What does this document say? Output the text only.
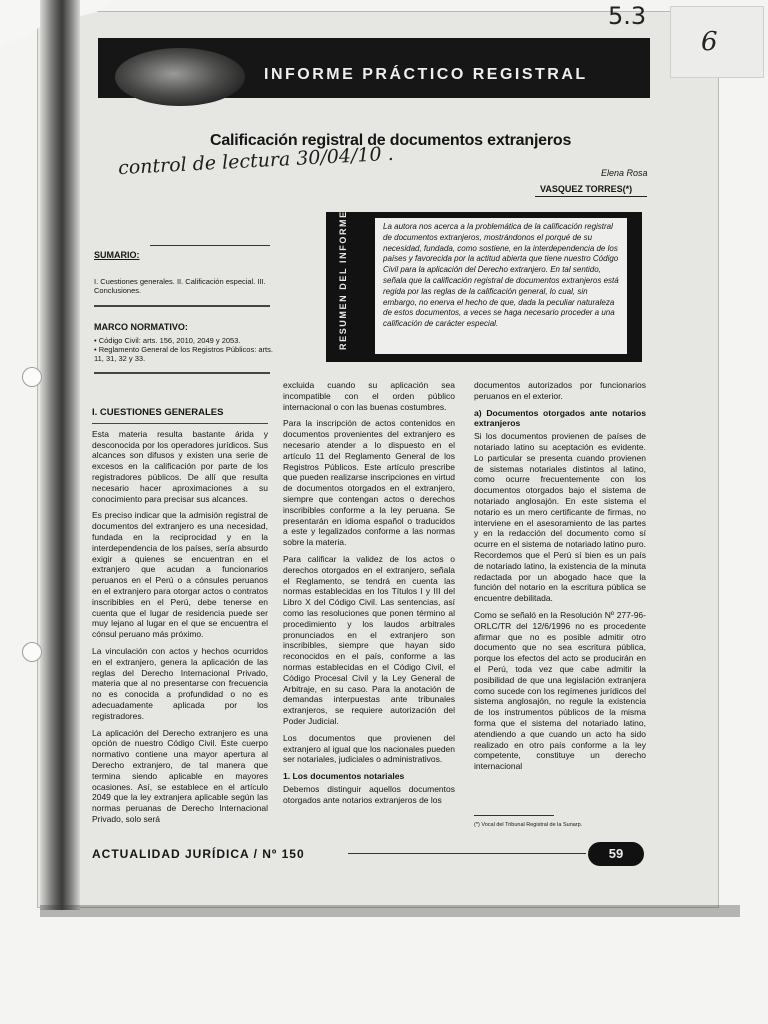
5.3
6
INFORME PRÁCTICO REGISTRAL
Calificación registral de documentos extranjeros
control de lectura 30/04/10 .	Elena Rosa
VASQUEZ TORRES(*)
RESUMEN DEL INFORME	La autora nos acerca a la problemática de la calificación registral de documentos extranjeros, mostrándonos el porqué de su necesidad, fundada, como sostiene, en la interdependencia de los países y favorecida por la actitud abierta que tiene nuestro Código Civil para la aplicación del Derecho extranjero. En tal sentido, señala que la calificación registral de documentos extranjeros está regida por las reglas de la calificación general, lo cual, sin embargo, no enerva el hecho de que, dada la peculiar naturaleza de estos documentos, a veces se haga necesario proceder a una calificación de carácter especial.
SUMARIO:
I. Cuestiones generales. II. Calificación especial. III. Conclusiones.
MARCO NORMATIVO:
• Código Civil: arts. 156, 2010, 2049 y 2053.
• Reglamento General de los Registros Públicos: arts. 11, 31, 32 y 33.

I. CUESTIONES GENERALES

Esta materia resulta bastante árida y desconocida por los operadores jurídicos. Sus alcances son difusos y existen una serie de excesos en la calificación por parte de los registradores públicos. De allí que resulta necesario hacer aproximaciones a su conocimiento para precisar sus alcances.

Es preciso indicar que la admisión registral de documentos del extranjero es una necesidad, fundada en la reciprocidad y en la interdependencia de los países, sería absurdo exigir a quienes se encuentran en el extranjero que acudan a funcionarios peruanos en el Perú o a cónsules peruanos en el extranjero para otorgar actos o contratos inscribibles en el Perú, debe tenerse en cuenta que el lugar de residencia puede ser muy lejano al lugar en el que se encuentra el cónsul peruano más próximo.

La vinculación con actos y hechos ocurridos en el extranjero, genera la aplicación de las reglas del Derecho Internacional Privado, materia que al no presentarse con frecuencia no es conocida a profundidad o no es adecuadamente aplicada por los registradores.

La aplicación del Derecho extranjero es una opción de nuestro Código Civil. Este cuerpo normativo contiene una mayor apertura al Derecho extranjero, de tal manera que termina siendo aplicable en mayores ocasiones. Así, se establece en el artículo 2049 que la ley extranjera aplicable según las normas peruanas de Derecho Internacional Privado, solo será

excluida cuando su aplicación sea incompatible con el orden público internacional o con las buenas costumbres.

Para la inscripción de actos contenidos en documentos provenientes del extranjero es necesario atender a lo dispuesto en el artículo 11 del Reglamento General de los Registros Públicos. Este artículo prescribe que pueden realizarse inscripciones en virtud de documentos otorgados en el extranjero, siempre que contengan actos o derechos inscribibles conforme a la ley peruana. Se presentarán en idioma español o traducidos a este y legalizados conforme a las normas sobre la materia.

Para calificar la validez de los actos o derechos otorgados en el extranjero, señala el Reglamento, se tendrá en cuenta las normas establecidas en los Títulos I y III del Libro X del Código Civil. Las sentencias, así como las resoluciones que ponen término al procedimiento y los laudos arbitrales pronunciados en el extranjero son inscribibles, siempre que hayan sido reconocidos en el país, conforme a las normas establecidas en el Código Civil, el Código Procesal Civil y la Ley General de Arbitraje, en su caso. Para la anotación de demandas interpuestas ante tribunales extranjeros, se requiere autorización del Poder Judicial.

Los documentos que provienen del extranjero al igual que los nacionales pueden ser notariales, judiciales o administrativos.

1. Los documentos notariales

Debemos distinguir aquellos documentos otorgados ante notarios extranjeros de los

documentos autorizados por funcionarios peruanos en el exterior.

a) Documentos otorgados ante notarios extranjeros

Si los documentos provienen de países de notariado latino su aceptación es evidente. Lo particular se presenta cuando provienen de sistemas notariales distintos al latino, como ocurre frecuentemente con los documentos otorgados bajo el sistema de notariado anglosajón. En este sistema el notario es un mero certificante de firmas, no interviene en el asesoramiento de las partes y en la redacción del documento como sí ocurre en el sistema de notariado latino puro. Recordemos que el Perú sí bien es un país de notariado latino, la existencia de la minuta redactada por un abogado hace que la función del notario en la escritura pública se encuentre debilitada.

Como se señaló en la Resolución Nº 277-96-ORLC/TR del 12/6/1996 no es procedente afirmar que no es posible admitir otro documento que no sea escritura pública, porque los efectos del acto se producirán en el Perú, toda vez que cabe admitir la posibilidad de que una legislación extranjera como sucede con los regímenes jurídicos del sistema anglosajón, no regule la existencia de los instrumentos públicos de la misma forma que el sistema del notariado latino, atendiendo a que cuando un acto ha sido realizado en otro país conforme a la ley competente, constituye un derecho internacional

(*) Vocal del Tribunal Registral de la Sunarp.
ACTUALIDAD JURÍDICA / Nº 150	59
